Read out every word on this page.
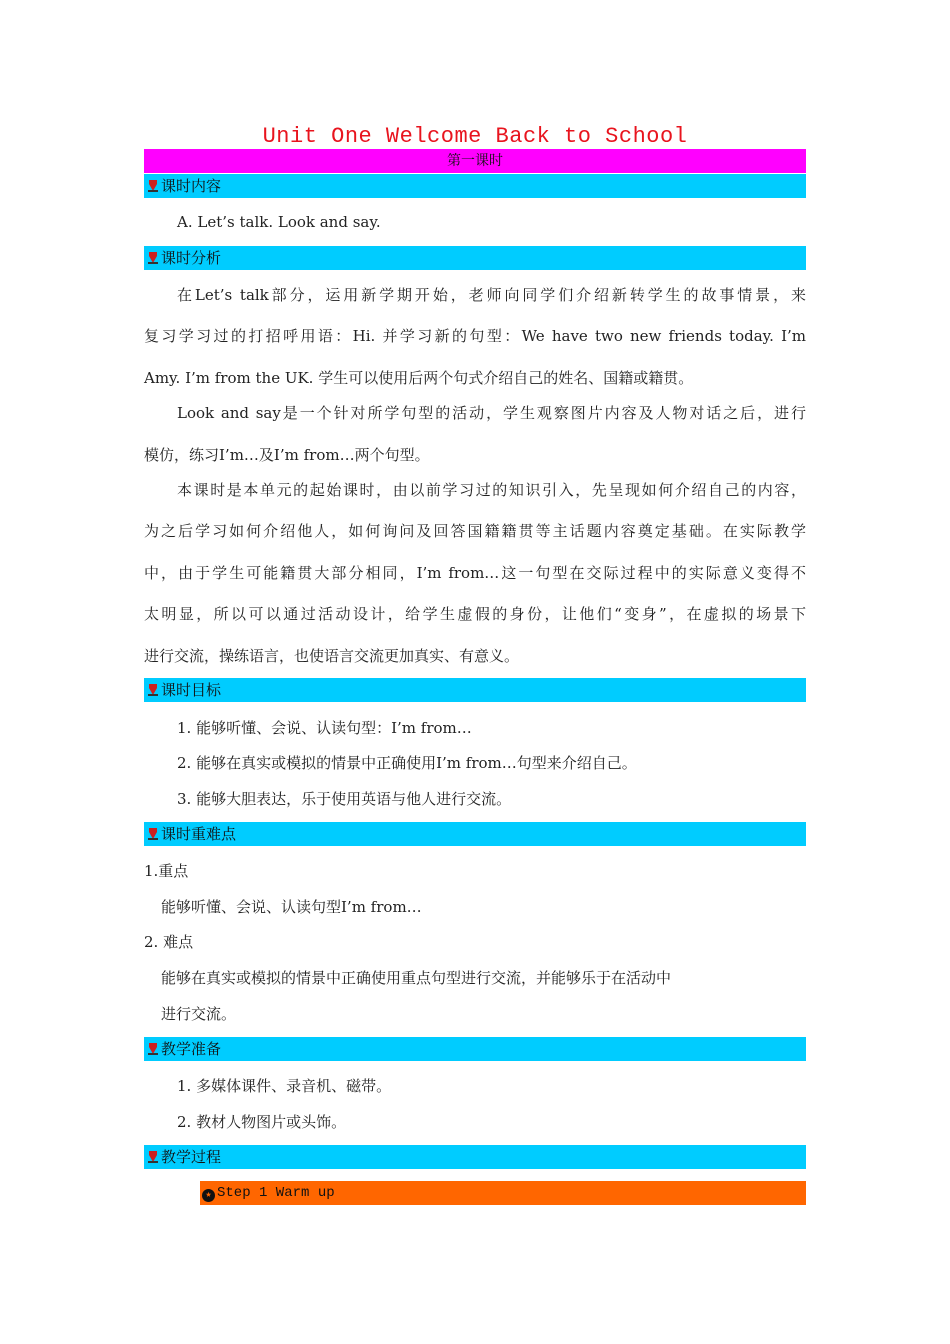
Unit One Welcome Back to School
第一课时
课时内容
A. Let’s talk. Look and say.
课时分析
在Let’s talk部分，运用新学期开始，老师向同学们介绍新转学生的故事情景，来
复习学习过的打招呼用语：Hi. 并学习新的句型：We have two new friends today. I’m
Amy. I’m from the UK. 学生可以使用后两个句式介绍自己的姓名、国籍或籍贯。
Look and say是一个针对所学句型的活动，学生观察图片内容及人物对话之后，进行
模仿，练习I’m…及I’m from…两个句型。
本课时是本单元的起始课时，由以前学习过的知识引入，先呈现如何介绍自己的内容，
为之后学习如何介绍他人，如何询问及回答国籍籍贯等主话题内容奠定基础。在实际教学
中，由于学生可能籍贯大部分相同，I’m from…这一句型在交际过程中的实际意义变得不
太明显，所以可以通过活动设计，给学生虚假的身份，让他们“变身”，在虚拟的场景下
进行交流，操练语言，也使语言交流更加真实、有意义。
课时目标
1. 能够听懂、会说、认读句型：I’m from…
2. 能够在真实或模拟的情景中正确使用I’m from…句型来介绍自己。
3. 能够大胆表达，乐于使用英语与他人进行交流。
课时重难点
1.重点
能够听懂、会说、认读句型I’m from…
2. 难点
能够在真实或模拟的情景中正确使用重点句型进行交流，并能够乐于在活动中
进行交流。
教学准备
1. 多媒体课件、录音机、磁带。
2. 教材人物图片或头饰。
教学过程
★ Step 1 Warm up
